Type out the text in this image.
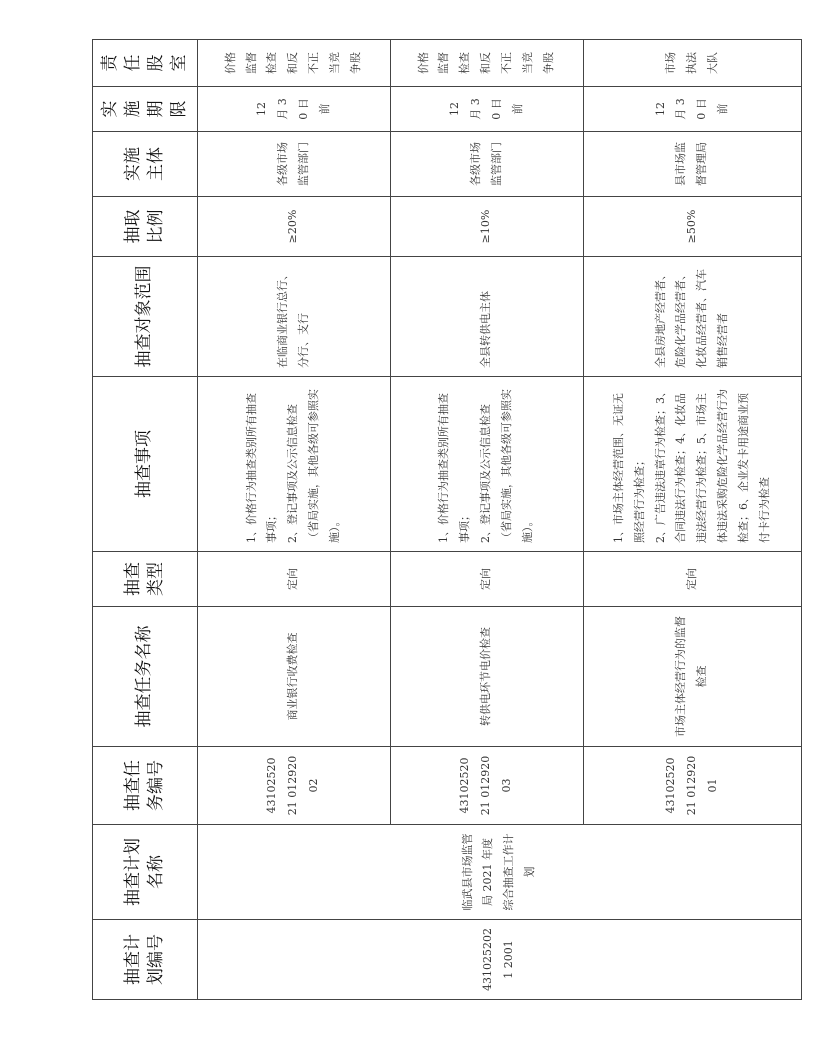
抽查计划编号	抽查计划名称	抽查任务编号	抽查任务名称	抽查类型	抽查事项	抽查对象范围	抽取比例	实施主体	实施期限	责任股室
4310252021 2001	临武县市场监管局 2021 年度综合抽查工作计划	4310252021 01292002	商业银行收费检查	定向	1、价格行为抽查类别所有抽查事项； 2、登记事项及公示信息检查（省局实施，其他各级可参照实施）。	在临商业银行总行、分行、支行	≥20%	各级市场监管部门	12 月 30 日前	价格监督检查和反不正当竞争股
		4310252021 01292003	转供电环节电价检查	定向	1、价格行为抽查类别所有抽查事项； 2、登记事项及公示信息检查（省局实施，其他各级可参照实施）。	全县转供电主体	≥10%	各级市场监管部门	12 月 30 日前	价格监督检查和反不正当竞争股
		4310252021 01292001	市场主体经营行为的监督检查	定向	1、市场主体经营范围、无证无照经营行为检查； 2、广告违法违章行为检查；3、合同违法行为检查；4、化妆品违法经营行为检查；5、市场主体违法采购危险化学品经营行为检查；6、企业发卡用途商业预付卡行为检查	全县房地产经营者、危险化学品经营者、化妆品经营者、汽车销售经营者	≥50%	县市场监督管理局	12 月 30 日前	市场执法大队
